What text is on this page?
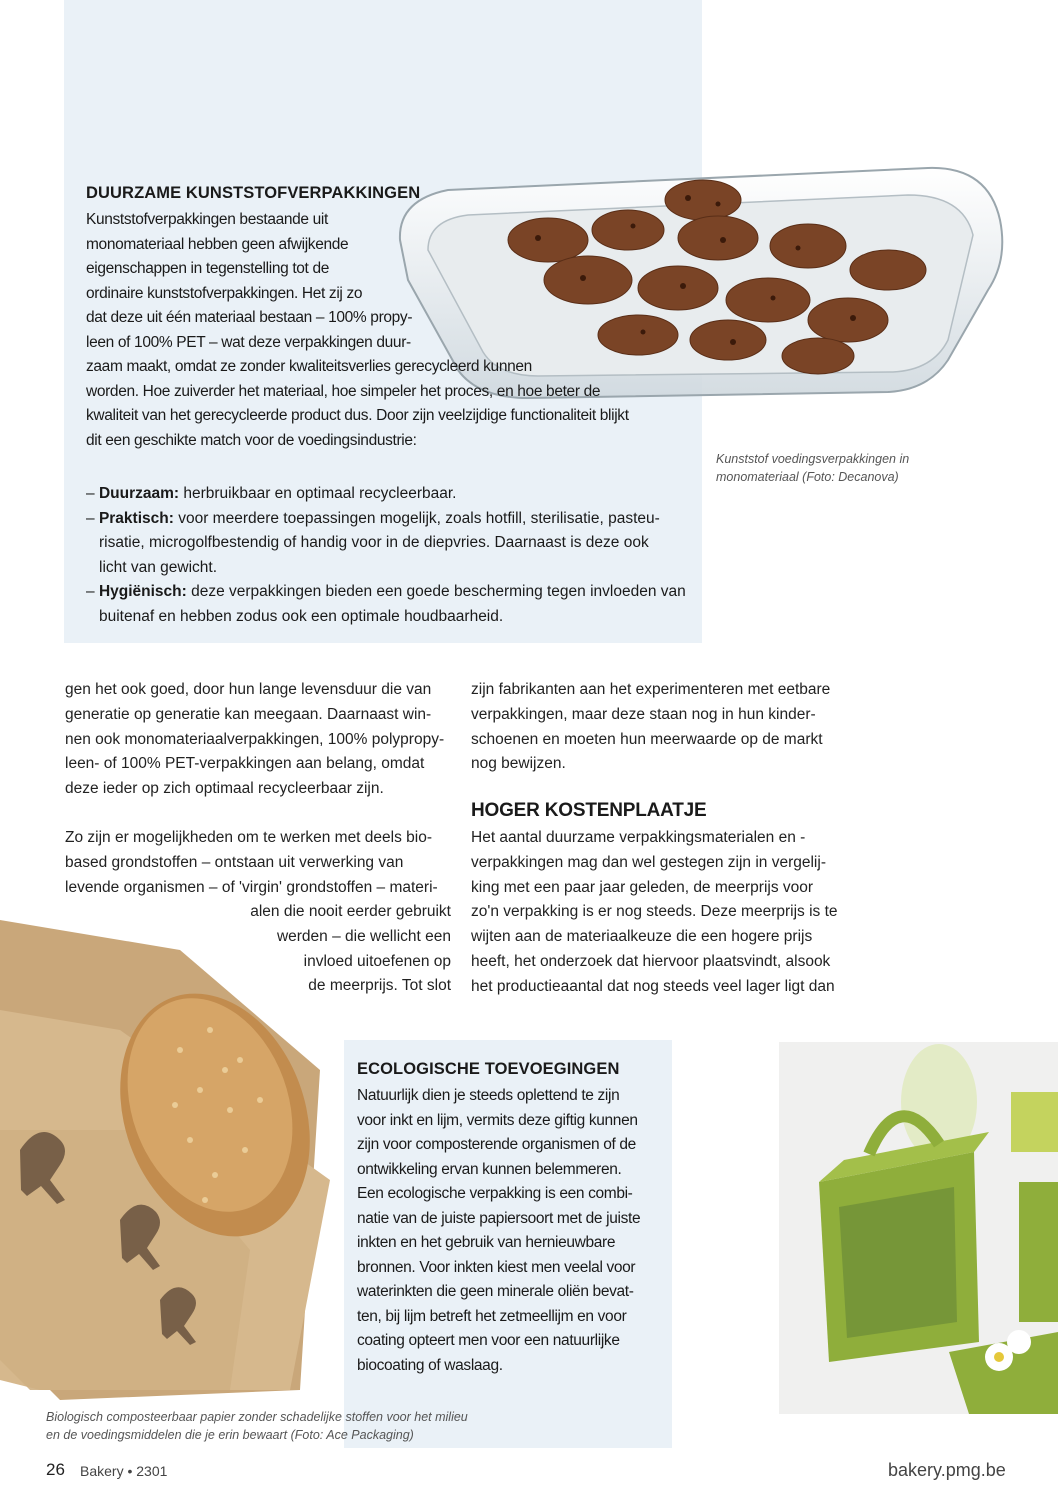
DUURZAME KUNSTSTOFVERPAKKINGEN

Kunststofverpakkingen bestaande uit

monomateriaal hebben geen afwijkende

eigenschappen in tegenstelling tot de

ordinaire kunststofverpakkingen. Het zij zo

dat deze uit één materiaal bestaan – 100% propy-

leen of 100% PET – wat deze verpakkingen duur-

zaam maakt, omdat ze zonder kwaliteitsverlies gerecycleerd kunnen

worden. Hoe zuiverder het materiaal, hoe simpeler het proces, en hoe beter de

kwaliteit van het gerecycleerde product dus. Door zijn veelzijdige functionaliteit blijkt

dit een geschikte match voor de voedingsindustrie:

– Duurzaam: herbruikbaar en optimaal recycleerbaar.

– Praktisch: voor meerdere toepassingen mogelijk, zoals hotfill, sterilisatie, pasteu-

risatie, microgolfbestendig of handig voor in de diepvries. Daarnaast is deze ook

licht van gewicht.

– Hygiënisch: deze verpakkingen bieden een goede bescherming tegen invloeden van

buitenaf en hebben zodus ook een optimale houdbaarheid.

Kunststof voedingsverpakkingen in
monomateriaal (Foto: Decanova)

gen het ook goed, door hun lange levensduur die van

generatie op generatie kan meegaan. Daarnaast win-

nen ook monomateriaalverpakkingen, 100% polypropy-

leen- of 100% PET-verpakkingen aan belang, omdat

deze ieder op zich optimaal recycleerbaar zijn.

Zo zijn er mogelijkheden om te werken met deels bio-

based grondstoffen – ontstaan uit verwerking van

levende organismen – of 'virgin' grondstoffen – materi-

alen die nooit eerder gebruikt

werden – die wellicht een

invloed uitoefenen op

de meerprijs. Tot slot

zijn fabrikanten aan het experimenteren met eetbare

verpakkingen, maar deze staan nog in hun kinder-

schoenen en moeten hun meerwaarde op de markt

nog bewijzen.

HOGER KOSTENPLAATJE

Het aantal duurzame verpakkingsmaterialen en -

verpakkingen mag dan wel gestegen zijn in vergelij-

king met een paar jaar geleden, de meerprijs voor

zo'n verpakking is er nog steeds. Deze meerprijs is te

wijten aan de materiaalkeuze die een hogere prijs

heeft, het onderzoek dat hiervoor plaatsvindt, alsook

het productieaantal dat nog steeds veel lager ligt dan

ECOLOGISCHE TOEVOEGINGEN

Natuurlijk dien je steeds oplettend te zijn

voor inkt en lijm, vermits deze giftig kunnen

zijn voor composterende organismen of de

ontwikkeling ervan kunnen belemmeren.

Een ecologische verpakking is een combi-

natie van de juiste papiersoort met de juiste

inkten en het gebruik van hernieuwbare

bronnen. Voor inkten kiest men veelal voor

waterinkten die geen minerale oliën bevat-

ten, bij lijm betreft het zetmeellijm en voor

coating opteert men voor een natuurlijke

biocoating of waslaag.

Biologisch composteerbaar papier zonder schadelijke stoffen voor het milieu
en de voedingsmiddelen die je erin bewaart (Foto: Ace Packaging)
26 Bakery • 2301	bakery.pmg.be
